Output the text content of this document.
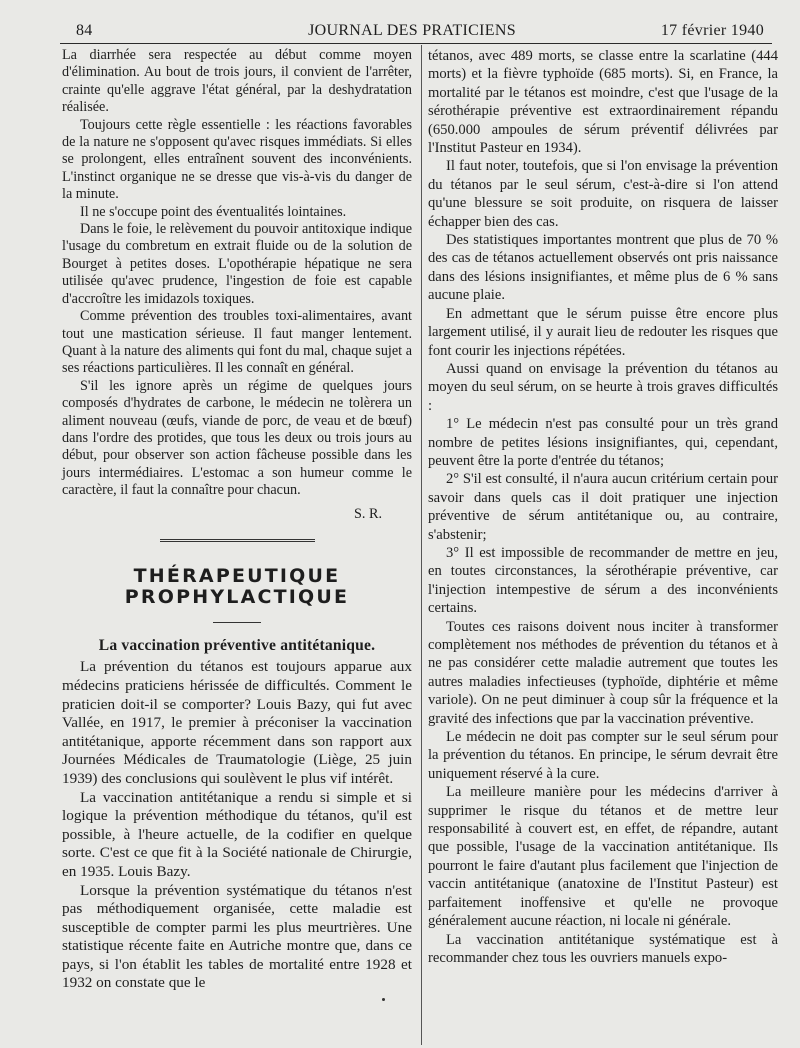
84	JOURNAL DES PRATICIENS	17 février 1940

La diarrhée sera respectée au début comme moyen d'élimination. Au bout de trois jours, il convient de l'arrêter, crainte qu'elle aggrave l'état général, par la deshydratation réalisée.

Toujours cette règle essentielle : les réactions favorables de la nature ne s'opposent qu'avec risques immédiats. Si elles se prolongent, elles entraînent souvent des inconvénients. L'instinct organique ne se dresse que vis-à-vis du danger de la minute.

Il ne s'occupe point des éventualités lointaines.

Dans le foie, le relèvement du pouvoir antitoxique indique l'usage du combretum en extrait fluide ou de la solution de Bourget à petites doses. L'opothérapie hépatique ne sera utilisée qu'avec prudence, l'ingestion de foie est capable d'accroître les imidazols toxiques.

Comme prévention des troubles toxi-alimentaires, avant tout une mastication sérieuse. Il faut manger lentement. Quant à la nature des aliments qui font du mal, chaque sujet a ses réactions particulières. Il les connaît en général.

S'il les ignore après un régime de quelques jours composés d'hydrates de carbone, le médecin ne tolèrera un aliment nouveau (œufs, viande de porc, de veau et de bœuf) dans l'ordre des protides, que tous les deux ou trois jours au début, pour observer son action fâcheuse possible dans les jours intermédiaires. L'estomac a son humeur comme le caractère, il faut la connaître pour chacun.

S. R.
THÉRAPEUTIQUE
PROPHYLACTIQUE
La vaccination préventive antitétanique.

La prévention du tétanos est toujours apparue aux médecins praticiens hérissée de difficultés. Comment le praticien doit-il se comporter? Louis Bazy, qui fut avec Vallée, en 1917, le premier à préconiser la vaccination antitétanique, apporte récemment dans son rapport aux Journées Médicales de Traumatologie (Liège, 25 juin 1939) des conclusions qui soulèvent le plus vif intérêt.

La vaccination antitétanique a rendu si simple et si logique la prévention méthodique du tétanos, qu'il est possible, à l'heure actuelle, de la codifier en quelque sorte. C'est ce que fit à la Société nationale de Chirurgie, en 1935. Louis Bazy.

Lorsque la prévention systématique du tétanos n'est pas méthodiquement organisée, cette maladie est susceptible de compter parmi les plus meurtrières. Une statistique récente faite en Autriche montre que, dans ce pays, si l'on établit les tables de mortalité entre 1928 et 1932 on constate que le

tétanos, avec 489 morts, se classe entre la scarlatine (444 morts) et la fièvre typhoïde (685 morts). Si, en France, la mortalité par le tétanos est moindre, c'est que l'usage de la sérothérapie préventive est extraordinairement répandu (650.000 ampoules de sérum préventif délivrées par l'Institut Pasteur en 1934).

Il faut noter, toutefois, que si l'on envisage la prévention du tétanos par le seul sérum, c'est-à-dire si l'on attend qu'une blessure se soit produite, on risquera de laisser échapper bien des cas.

Des statistiques importantes montrent que plus de 70 % des cas de tétanos actuellement observés ont pris naissance dans des lésions insignifiantes, et même plus de 6 % sans aucune plaie.

En admettant que le sérum puisse être encore plus largement utilisé, il y aurait lieu de redouter les risques que font courir les injections répétées.

Aussi quand on envisage la prévention du tétanos au moyen du seul sérum, on se heurte à trois graves difficultés :

1° Le médecin n'est pas consulté pour un très grand nombre de petites lésions insignifiantes, qui, cependant, peuvent être la porte d'entrée du tétanos;

2° S'il est consulté, il n'aura aucun critérium certain pour savoir dans quels cas il doit pratiquer une injection préventive de sérum antitétanique ou, au contraire, s'abstenir;

3° Il est impossible de recommander de mettre en jeu, en toutes circonstances, la sérothérapie préventive, car l'injection intempestive de sérum a des inconvénients certains.

Toutes ces raisons doivent nous inciter à transformer complètement nos méthodes de prévention du tétanos et à ne pas considérer cette maladie autrement que toutes les autres maladies infectieuses (typhoïde, diphtérie et même variole). On ne peut diminuer à coup sûr la fréquence et la gravité des infections que par la vaccination préventive.

Le médecin ne doit pas compter sur le seul sérum pour la prévention du tétanos. En principe, le sérum devrait être uniquement réservé à la cure.

La meilleure manière pour les médecins d'arriver à supprimer le risque du tétanos et de mettre leur responsabilité à couvert est, en effet, de répandre, autant que possible, l'usage de la vaccination antitétanique. Ils pourront le faire d'autant plus facilement que l'injection de vaccin antitétanique (anatoxine de l'Institut Pasteur) est parfaitement inoffensive et qu'elle ne provoque généralement aucune réaction, ni locale ni générale.

La vaccination antitétanique systématique est à recommander chez tous les ouvriers manuels expo-
